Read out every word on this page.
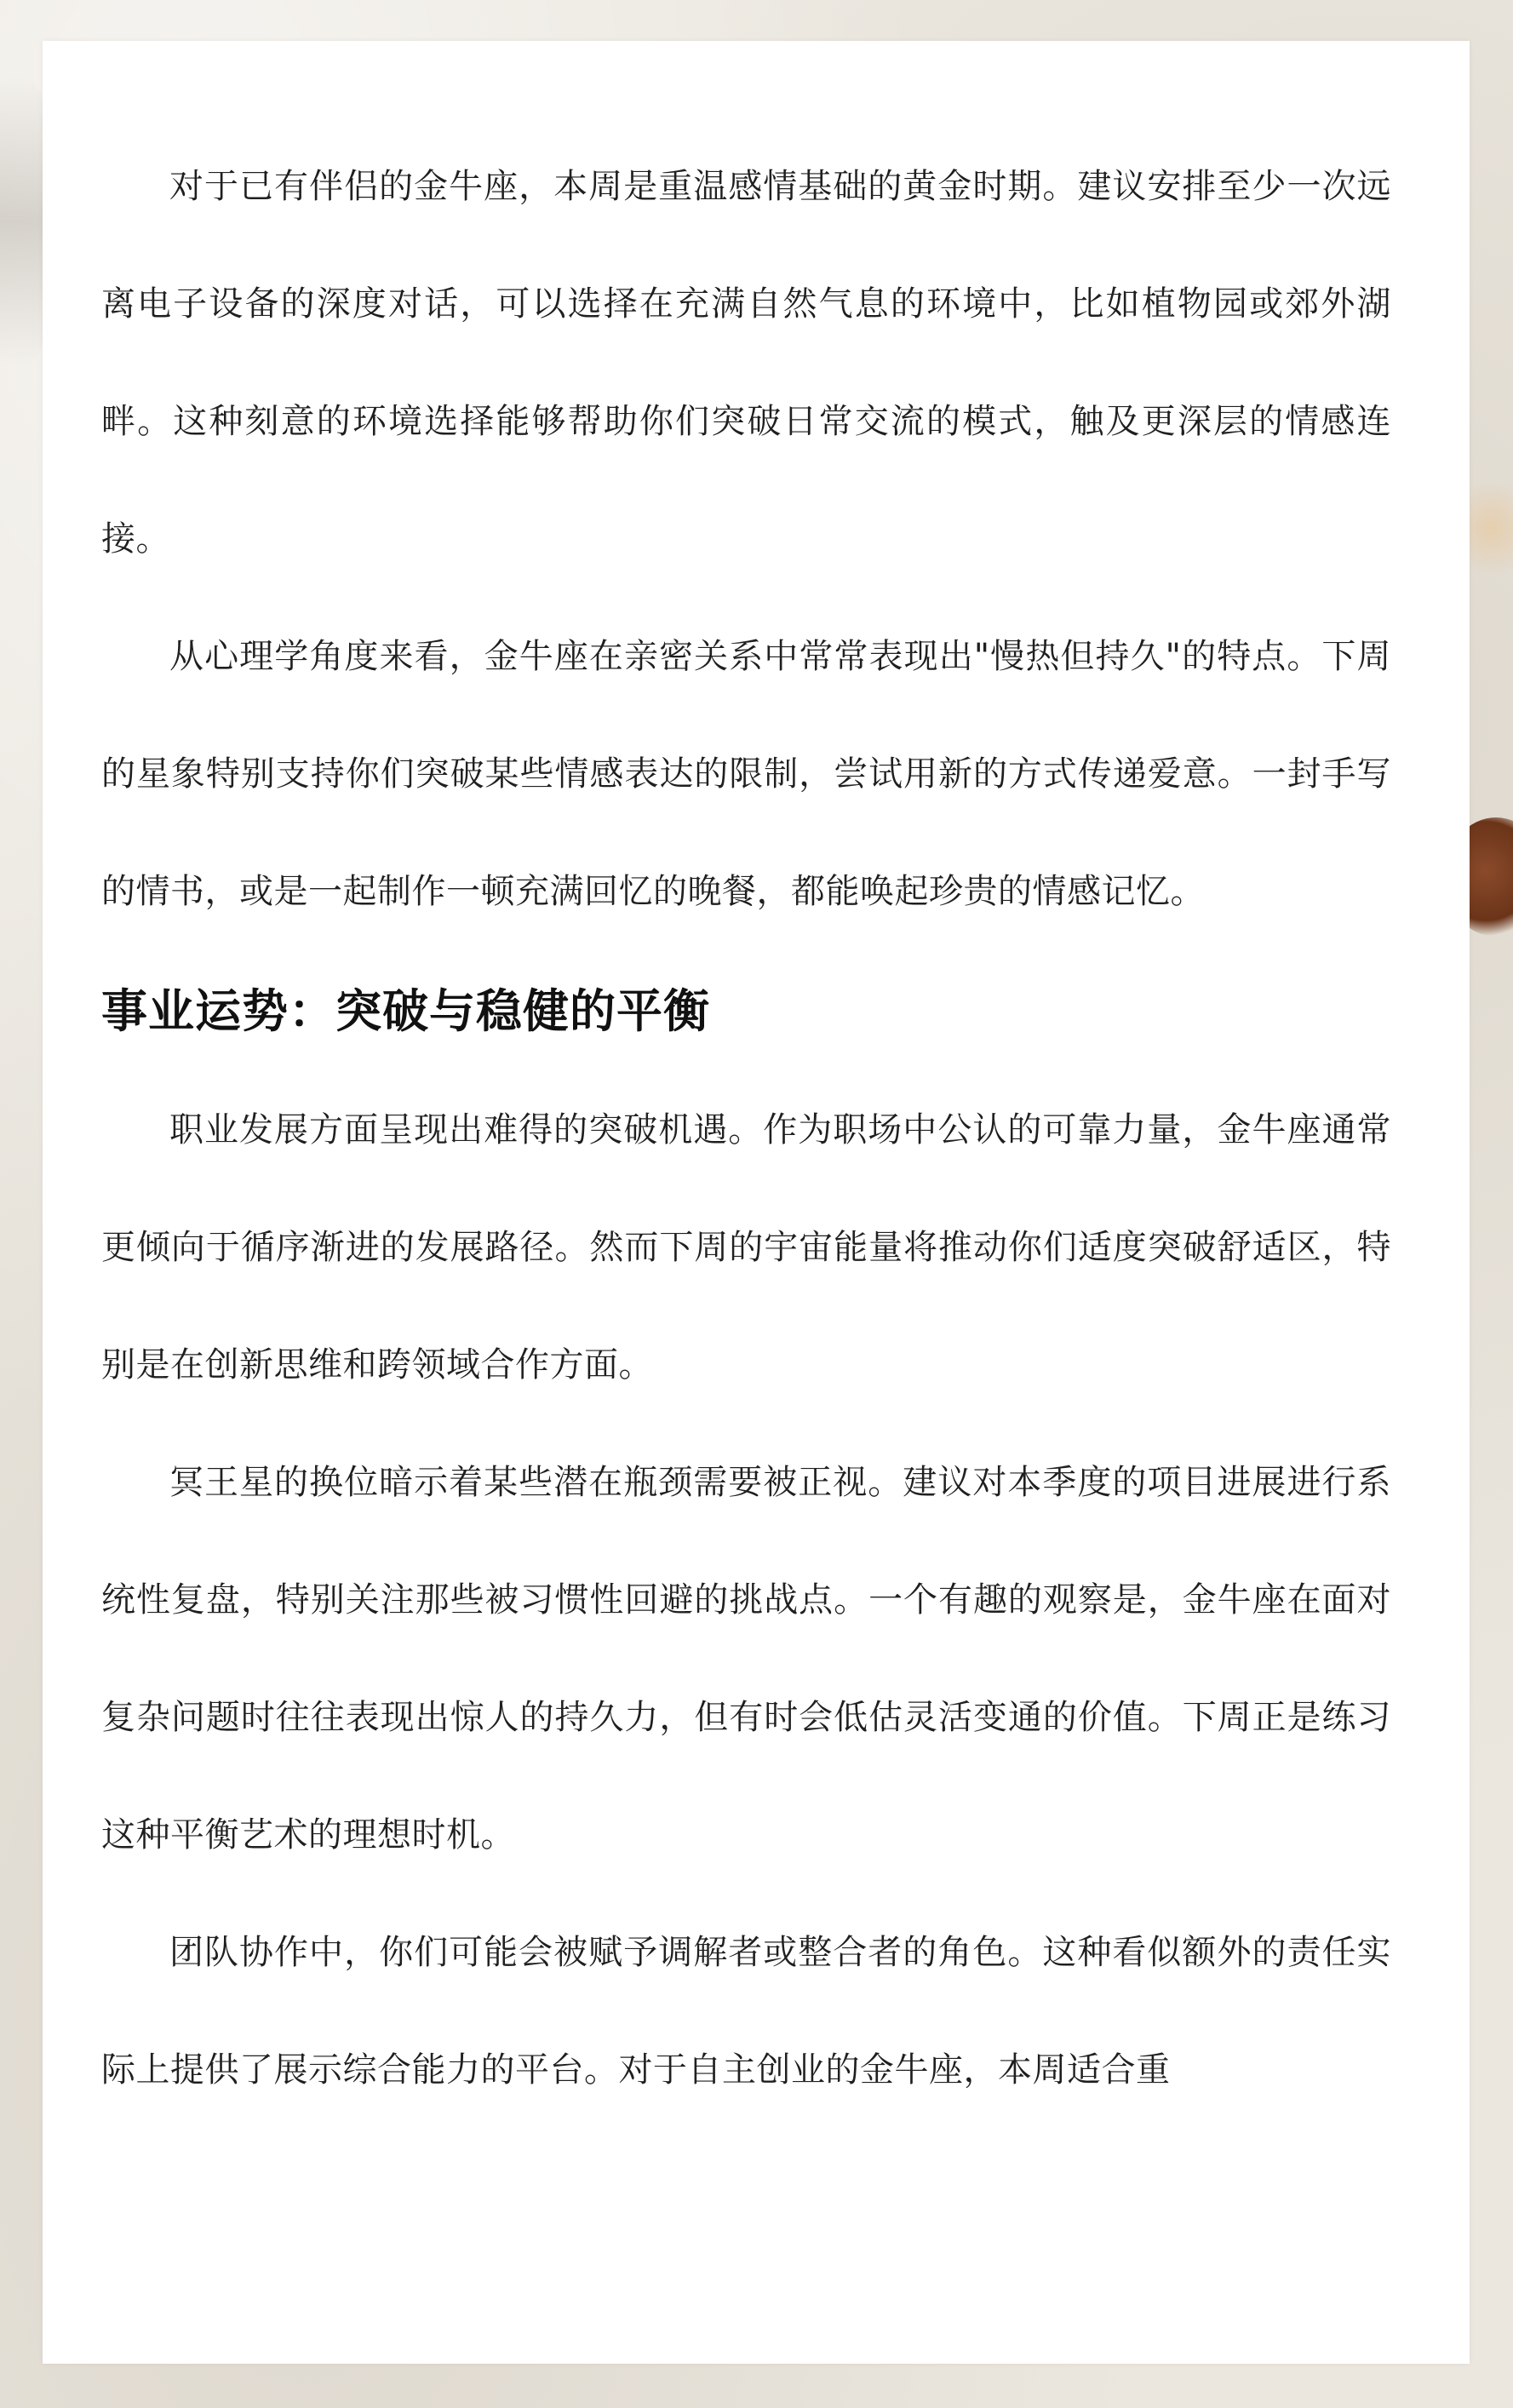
对于已有伴侣的金牛座，本周是重温感情基础的黄金时期。建议安排至少一次远离电子设备的深度对话，可以选择在充满自然气息的环境中，比如植物园或郊外湖畔。这种刻意的环境选择能够帮助你们突破日常交流的模式，触及更深层的情感连接。

从心理学角度来看，金牛座在亲密关系中常常表现出"慢热但持久"的特点。下周的星象特别支持你们突破某些情感表达的限制，尝试用新的方式传递爱意。一封手写的情书，或是一起制作一顿充满回忆的晚餐，都能唤起珍贵的情感记忆。

事业运势：突破与稳健的平衡

职业发展方面呈现出难得的突破机遇。作为职场中公认的可靠力量，金牛座通常更倾向于循序渐进的发展路径。然而下周的宇宙能量将推动你们适度突破舒适区，特别是在创新思维和跨领域合作方面。

冥王星的换位暗示着某些潜在瓶颈需要被正视。建议对本季度的项目进展进行系统性复盘，特别关注那些被习惯性回避的挑战点。一个有趣的观察是，金牛座在面对复杂问题时往往表现出惊人的持久力，但有时会低估灵活变通的价值。下周正是练习这种平衡艺术的理想时机。

团队协作中，你们可能会被赋予调解者或整合者的角色。这种看似额外的责任实际上提供了展示综合能力的平台。对于自主创业的金牛座，本周适合重
